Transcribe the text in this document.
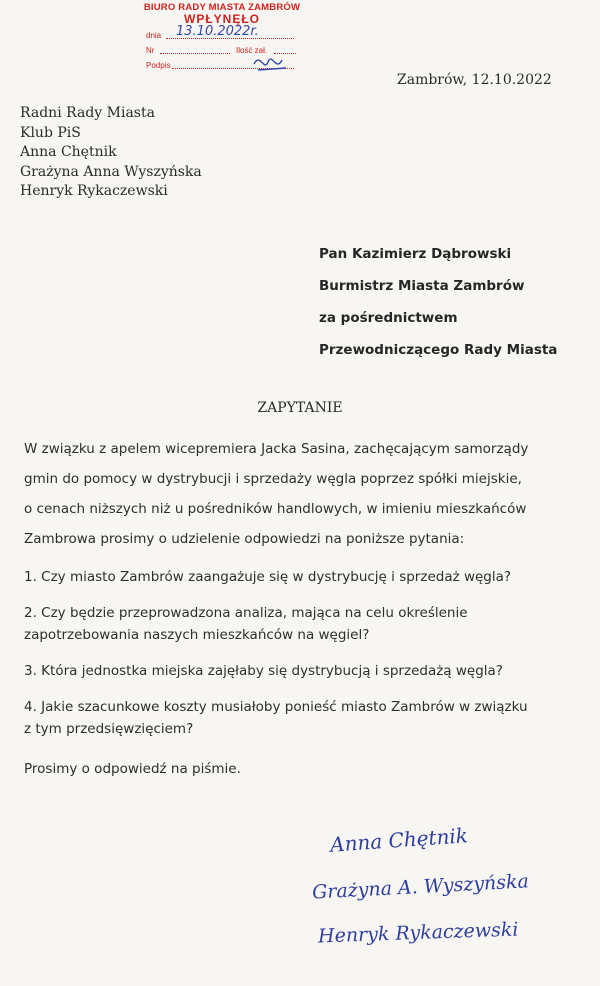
BIURO RADY MIASTA ZAMBRÓW
WPŁYNĘŁO
dnia 13.10.2022r.
Nr	Ilość zał.
Podpis
Zambrów, 12.10.2022
Radni Rady Miasta
Klub PiS
Anna Chętnik
Grażyna Anna Wyszyńska
Henryk Rykaczewski
Pan Kazimierz Dąbrowski
Burmistrz Miasta Zambrów
za pośrednictwem
Przewodniczącego Rady Miasta
ZAPYTANIE
W związku z apelem wicepremiera Jacka Sasina, zachęcającym samorządy
gmin do pomocy w dystrybucji i sprzedaży węgla poprzez spółki miejskie,
o cenach niższych niż u pośredników handlowych, w imieniu mieszkańców
Zambrowa prosimy o udzielenie odpowiedzi na poniższe pytania:
1. Czy miasto Zambrów zaangażuje się w dystrybucję i sprzedaż węgla?
2. Czy będzie przeprowadzona analiza, mająca na celu określenie
zapotrzebowania naszych mieszkańców na węgiel?
3. Która jednostka miejska zajęłaby się dystrybucją i sprzedażą węgla?
4. Jakie szacunkowe koszty musiałoby ponieść miasto Zambrów w związku
z tym przedsięwzięciem?
Prosimy o odpowiedź na piśmie.
Anna Chętnik
Grażyna A. Wyszyńska
Henryk Rykaczewski
